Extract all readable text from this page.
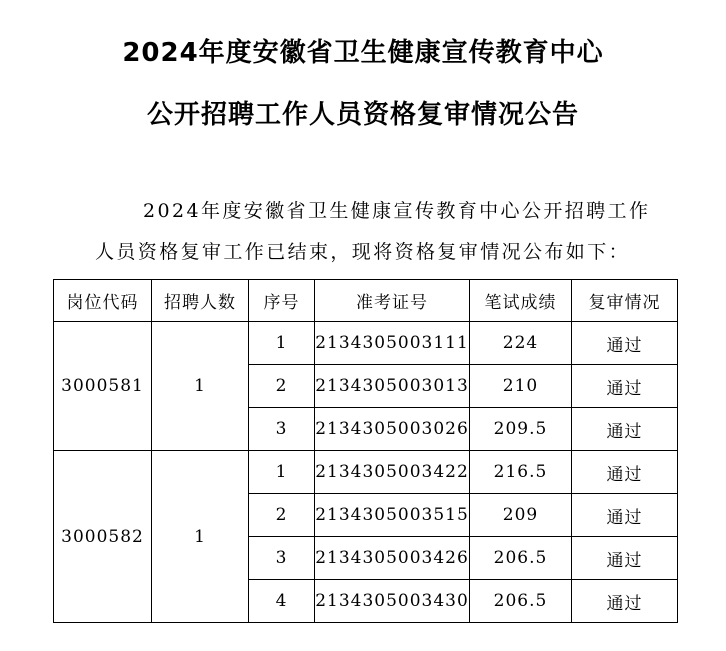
2024年度安徽省卫生健康宣传教育中心
公开招聘工作人员资格复审情况公告
2024年度安徽省卫生健康宣传教育中心公开招聘工作
人员资格复审工作已结束，现将资格复审情况公布如下：
岗位代码	招聘人数	序号	准考证号	笔试成绩	复审情况
3000581	1	1	2134305003111	224	通过
		2	2134305003013	210	通过
		3	2134305003026	209.5	通过
3000582	1	1	2134305003422	216.5	通过
		2	2134305003515	209	通过
		3	2134305003426	206.5	通过
		4	2134305003430	206.5	通过
